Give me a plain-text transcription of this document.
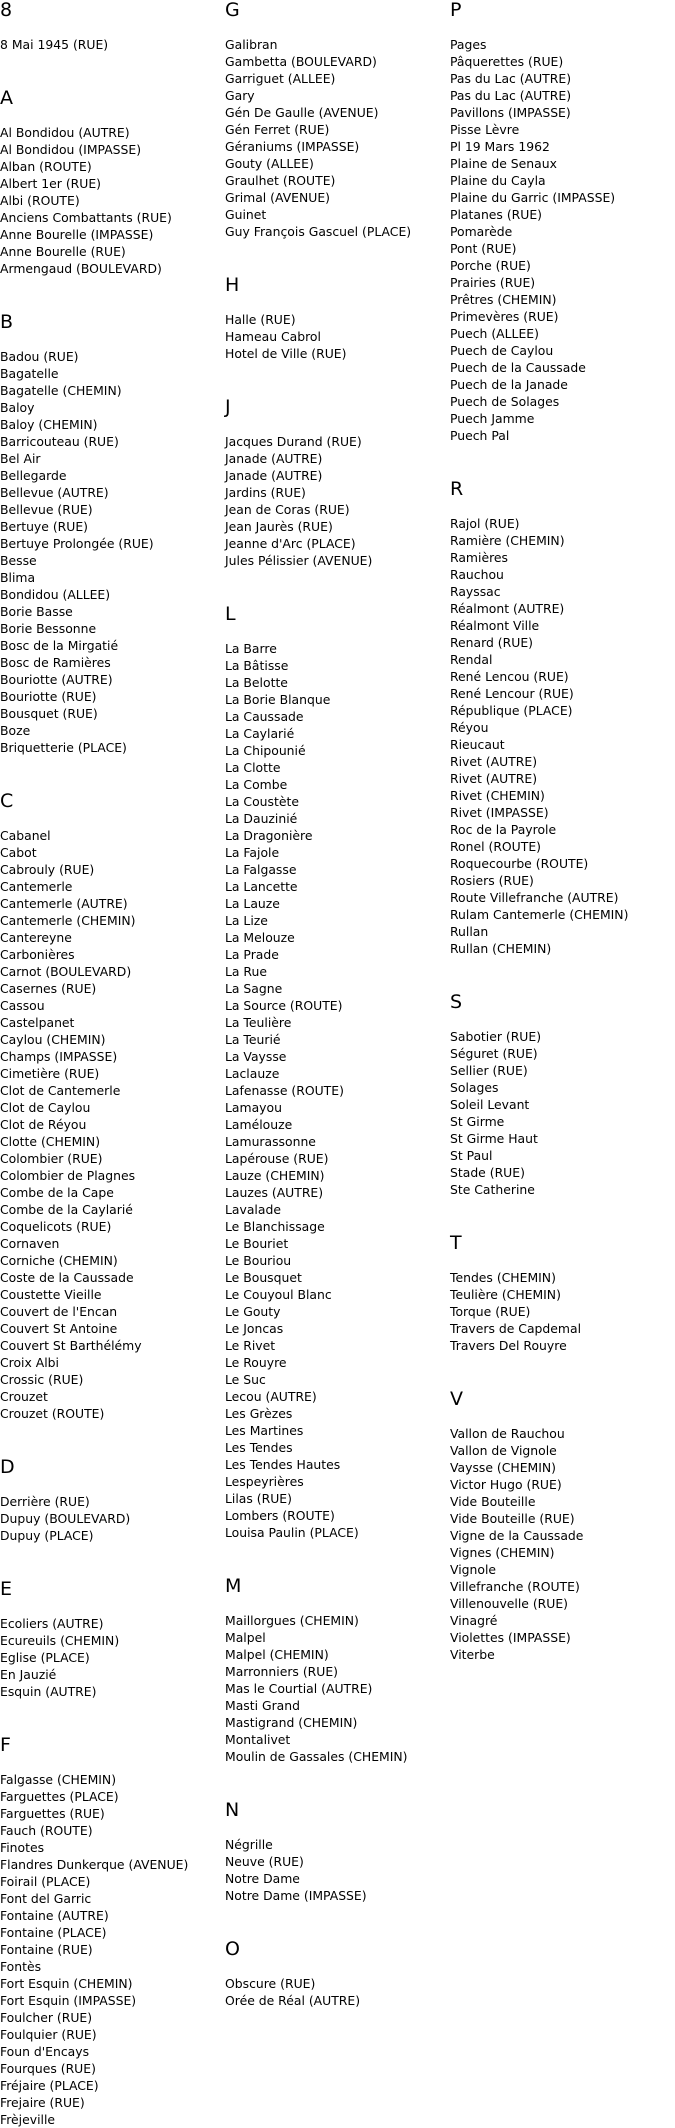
8
8 Mai 1945 (RUE)
A
Al Bondidou (AUTRE)
Al Bondidou (IMPASSE)
Alban (ROUTE)
Albert 1er (RUE)
Albi (ROUTE)
Anciens Combattants (RUE)
Anne Bourelle (IMPASSE)
Anne Bourelle (RUE)
Armengaud (BOULEVARD)
B
Badou (RUE)
Bagatelle
Bagatelle (CHEMIN)
Baloy
Baloy (CHEMIN)
Barricouteau (RUE)
Bel Air
Bellegarde
Bellevue (AUTRE)
Bellevue (RUE)
Bertuye (RUE)
Bertuye Prolongée (RUE)
Besse
Blima
Bondidou (ALLEE)
Borie Basse
Borie Bessonne
Bosc de la Mirgatié
Bosc de Ramières
Bouriotte (AUTRE)
Bouriotte (RUE)
Bousquet (RUE)
Boze
Briquetterie (PLACE)
C
Cabanel
Cabot
Cabrouly (RUE)
Cantemerle
Cantemerle (AUTRE)
Cantemerle (CHEMIN)
Cantereyne
Carbonières
Carnot (BOULEVARD)
Casernes (RUE)
Cassou
Castelpanet
Caylou (CHEMIN)
Champs (IMPASSE)
Cimetière (RUE)
Clot de Cantemerle
Clot de Caylou
Clot de Réyou
Clotte (CHEMIN)
Colombier (RUE)
Colombier de Plagnes
Combe de la Cape
Combe de la Caylarié
Coquelicots (RUE)
Cornaven
Corniche (CHEMIN)
Coste de la Caussade
Coustette Vieille
Couvert de l'Encan
Couvert St Antoine
Couvert St Barthélémy
Croix Albi
Crossic (RUE)
Crouzet
Crouzet (ROUTE)
D
Derrière (RUE)
Dupuy (BOULEVARD)
Dupuy (PLACE)
E
Ecoliers (AUTRE)
Ecureuils (CHEMIN)
Eglise (PLACE)
En Jauzié
Esquin (AUTRE)
F
Falgasse (CHEMIN)
Farguettes (PLACE)
Farguettes (RUE)
Fauch (ROUTE)
Finotes
Flandres Dunkerque (AVENUE)
Foirail (PLACE)
Font del Garric
Fontaine (AUTRE)
Fontaine (PLACE)
Fontaine (RUE)
Fontès
Fort Esquin (CHEMIN)
Fort Esquin (IMPASSE)
Foulcher (RUE)
Foulquier (RUE)
Foun d'Encays
Fourques (RUE)
Fréjaire (PLACE)
Frejaire (RUE)
Frèjeville
G
Galibran
Gambetta (BOULEVARD)
Garriguet (ALLEE)
Gary
Gén De Gaulle (AVENUE)
Gén Ferret (RUE)
Géraniums (IMPASSE)
Gouty (ALLEE)
Graulhet (ROUTE)
Grimal (AVENUE)
Guinet
Guy François Gascuel (PLACE)
H
Halle (RUE)
Hameau Cabrol
Hotel de Ville (RUE)
J
Jacques Durand (RUE)
Janade (AUTRE)
Janade (AUTRE)
Jardins (RUE)
Jean de Coras (RUE)
Jean Jaurès (RUE)
Jeanne d'Arc (PLACE)
Jules Pélissier (AVENUE)
L
La Barre
La Bâtisse
La Belotte
La Borie Blanque
La Caussade
La Caylarié
La Chipounié
La Clotte
La Combe
La Coustète
La Dauzinié
La Dragonière
La Fajole
La Falgasse
La Lancette
La Lauze
La Lize
La Melouze
La Prade
La Rue
La Sagne
La Source (ROUTE)
La Teulière
La Teurié
La Vaysse
Laclauze
Lafenasse (ROUTE)
Lamayou
Lamélouze
Lamurassonne
Lapérouse (RUE)
Lauze (CHEMIN)
Lauzes (AUTRE)
Lavalade
Le Blanchissage
Le Bouriet
Le Bouriou
Le Bousquet
Le Couyoul Blanc
Le Gouty
Le Joncas
Le Rivet
Le Rouyre
Le Suc
Lecou (AUTRE)
Les Grèzes
Les Martines
Les Tendes
Les Tendes Hautes
Lespeyrières
Lilas (RUE)
Lombers (ROUTE)
Louisa Paulin (PLACE)
M
Maillorgues (CHEMIN)
Malpel
Malpel (CHEMIN)
Marronniers (RUE)
Mas le Courtial (AUTRE)
Masti Grand
Mastigrand (CHEMIN)
Montalivet
Moulin de Gassales (CHEMIN)
N
Négrille
Neuve (RUE)
Notre Dame
Notre Dame (IMPASSE)
O
Obscure (RUE)
Orée de Réal (AUTRE)
P
Pages
Pâquerettes (RUE)
Pas du Lac (AUTRE)
Pas du Lac (AUTRE)
Pavillons (IMPASSE)
Pisse Lèvre
Pl 19 Mars 1962
Plaine de Senaux
Plaine du Cayla
Plaine du Garric (IMPASSE)
Platanes (RUE)
Pomarède
Pont (RUE)
Porche (RUE)
Prairies (RUE)
Prêtres (CHEMIN)
Primevères (RUE)
Puech (ALLEE)
Puech de Caylou
Puech de la Caussade
Puech de la Janade
Puech de Solages
Puech Jamme
Puech Pal
R
Rajol (RUE)
Ramière (CHEMIN)
Ramières
Rauchou
Rayssac
Réalmont (AUTRE)
Réalmont Ville
Renard (RUE)
Rendal
René Lencou (RUE)
René Lencour (RUE)
République (PLACE)
Réyou
Rieucaut
Rivet (AUTRE)
Rivet (AUTRE)
Rivet (CHEMIN)
Rivet (IMPASSE)
Roc de la Payrole
Ronel (ROUTE)
Roquecourbe (ROUTE)
Rosiers (RUE)
Route Villefranche (AUTRE)
Rulam Cantemerle (CHEMIN)
Rullan
Rullan (CHEMIN)
S
Sabotier (RUE)
Séguret (RUE)
Sellier (RUE)
Solages
Soleil Levant
St Girme
St Girme Haut
St Paul
Stade (RUE)
Ste Catherine
T
Tendes (CHEMIN)
Teulière (CHEMIN)
Torque (RUE)
Travers de Capdemal
Travers Del Rouyre
V
Vallon de Rauchou
Vallon de Vignole
Vaysse (CHEMIN)
Victor Hugo (RUE)
Vide Bouteille
Vide Bouteille (RUE)
Vigne de la Caussade
Vignes (CHEMIN)
Vignole
Villefranche (ROUTE)
Villenouvelle (RUE)
Vinagré
Violettes (IMPASSE)
Viterbe
